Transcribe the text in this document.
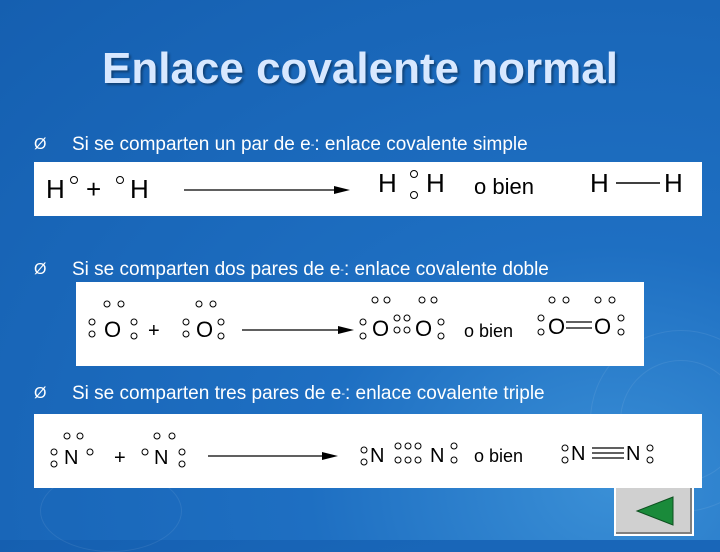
Enlace covalente normal
Ø	Si se comparten un par de e - : enlace covalente simple
H + H	H H o bien H H
Ø	Si se comparten dos pares de e - : enlace covalente doble
O + O	O O o bien O O
Ø	Si se comparten tres pares de e - : enlace covalente triple
N + N	N N o bien N N
